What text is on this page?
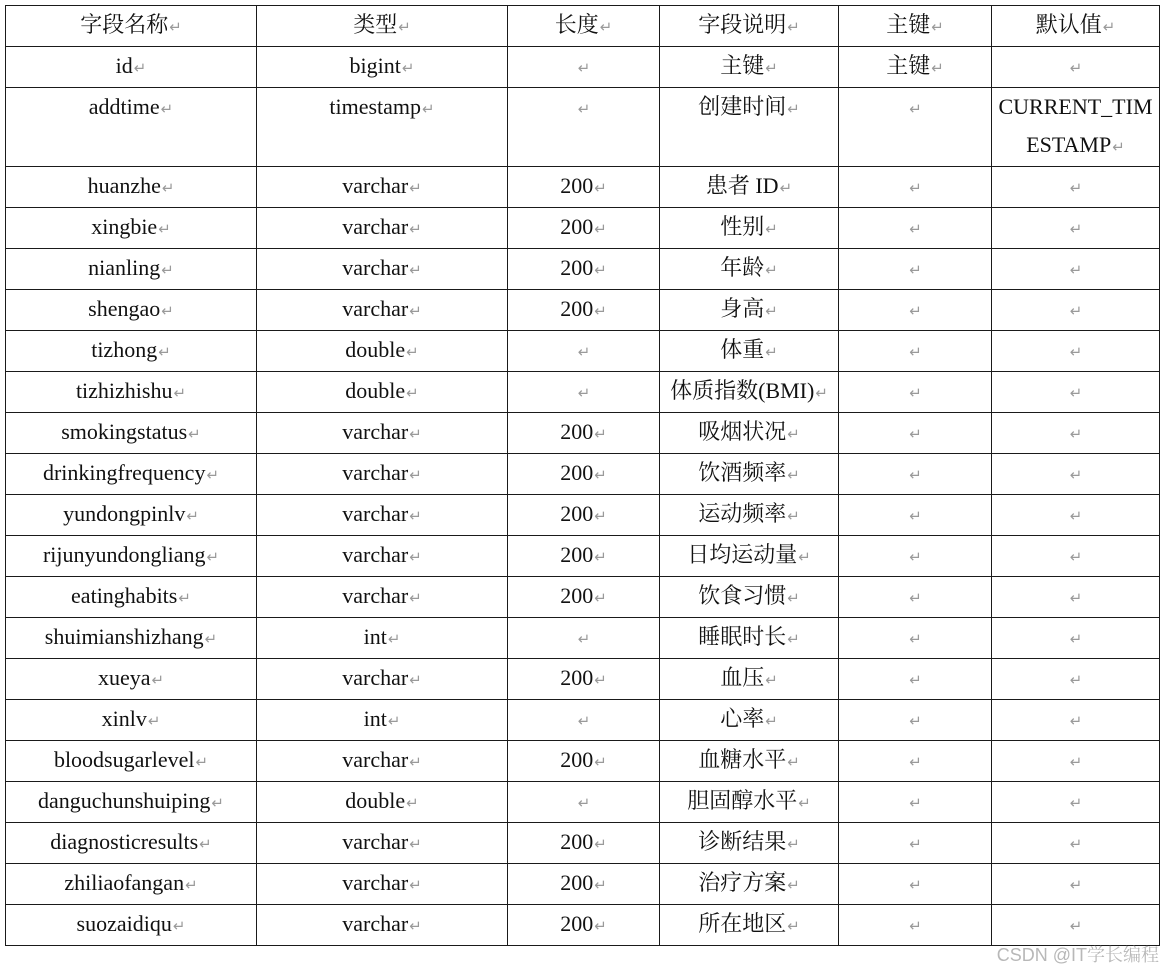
字段名称↵	类型↵	长度↵	字段说明↵	主键↵	默认值↵
id↵	bigint↵	↵	主键↵	主键↵	↵
addtime↵	timestamp↵	↵	创建时间↵	↵	CURRENT_TIMESTAMP↵
huanzhe↵	varchar↵	200↵	患者 ID↵	↵	↵
xingbie↵	varchar↵	200↵	性别↵	↵	↵
nianling↵	varchar↵	200↵	年龄↵	↵	↵
shengao↵	varchar↵	200↵	身高↵	↵	↵
tizhong↵	double↵	↵	体重↵	↵	↵
tizhizhishu↵	double↵	↵	体质指数(BMI)↵	↵	↵
smokingstatus↵	varchar↵	200↵	吸烟状况↵	↵	↵
drinkingfrequency↵	varchar↵	200↵	饮酒频率↵	↵	↵
yundongpinlv↵	varchar↵	200↵	运动频率↵	↵	↵
rijunyundongliang↵	varchar↵	200↵	日均运动量↵	↵	↵
eatinghabits↵	varchar↵	200↵	饮食习惯↵	↵	↵
shuimianshizhang↵	int↵	↵	睡眠时长↵	↵	↵
xueya↵	varchar↵	200↵	血压↵	↵	↵
xinlv↵	int↵	↵	心率↵	↵	↵
bloodsugarlevel↵	varchar↵	200↵	血糖水平↵	↵	↵
danguchunshuiping↵	double↵	↵	胆固醇水平↵	↵	↵
diagnosticresults↵	varchar↵	200↵	诊断结果↵	↵	↵
zhiliaofangan↵	varchar↵	200↵	治疗方案↵	↵	↵
suozaidiqu↵	varchar↵	200↵	所在地区↵	↵	↵
CSDN @IT学长编程
